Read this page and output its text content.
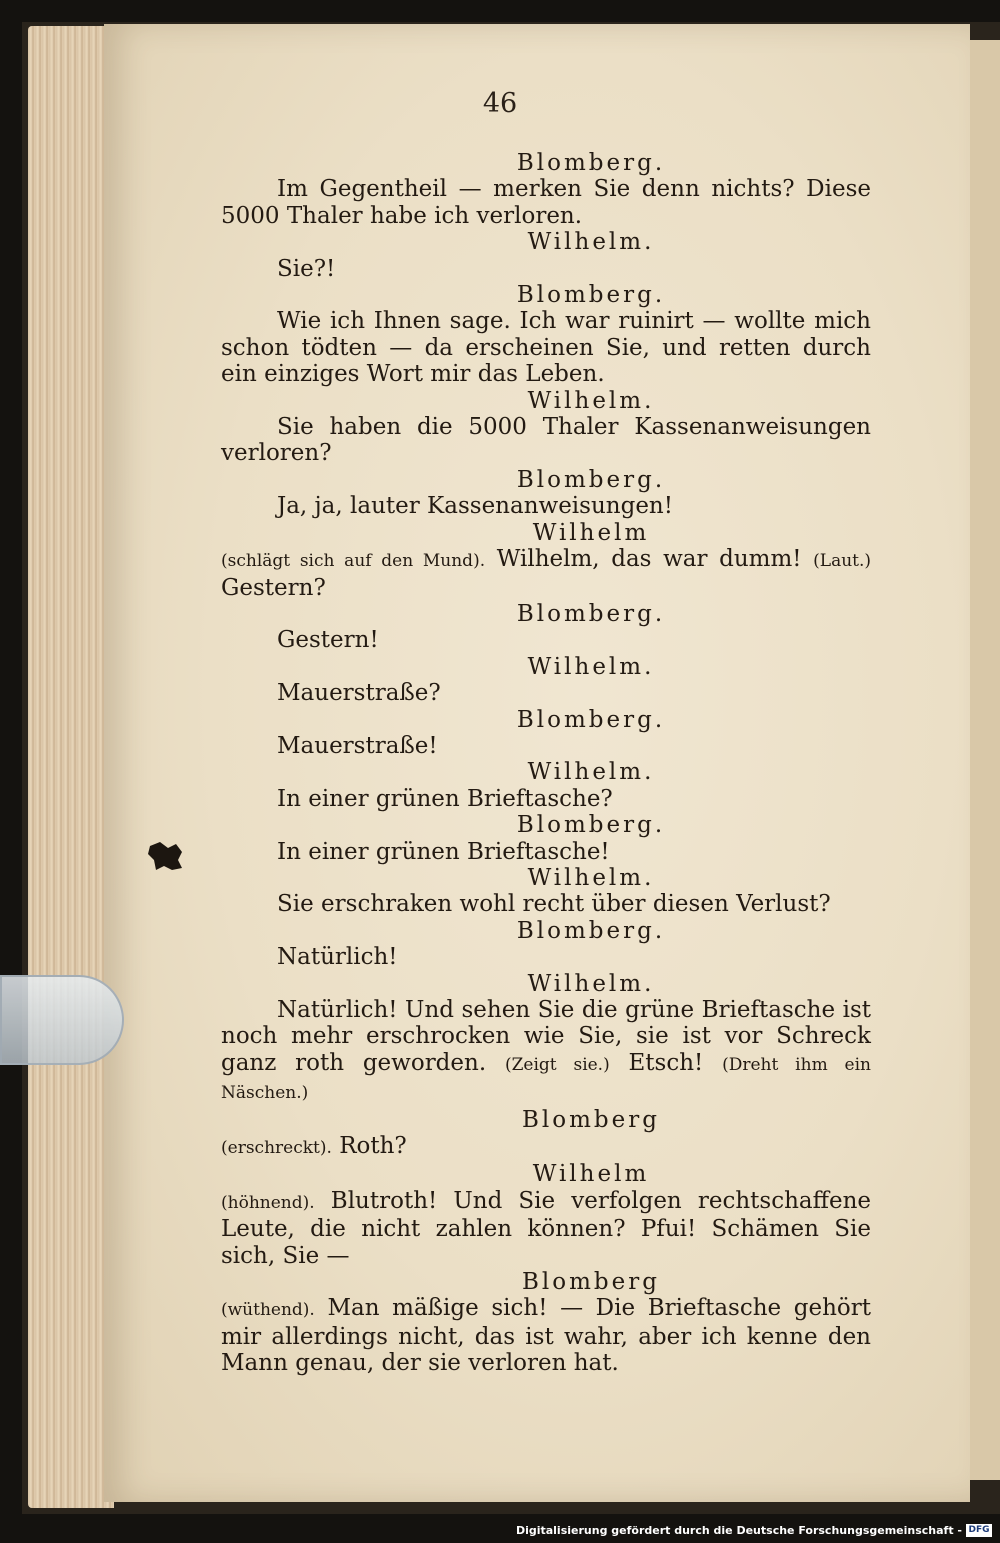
46
Blomberg.
Im Gegentheil — merken Sie denn nichts? Diese 5000 Thaler habe ich verloren.
Wilhelm.
Sie?!
Blomberg.
Wie ich Ihnen sage. Ich war ruinirt — wollte mich schon tödten — da erscheinen Sie, und retten durch ein einziges Wort mir das Leben.
Wilhelm.
Sie haben die 5000 Thaler Kassenanweisungen verloren?
Blomberg.
Ja, ja, lauter Kassenanweisungen!
Wilhelm
(schlägt sich auf den Mund). Wilhelm, das war dumm! (Laut.) Gestern?
Blomberg.
Gestern!
Wilhelm.
Mauerstraße?
Blomberg.
Mauerstraße!
Wilhelm.
In einer grünen Brieftasche?
Blomberg.
In einer grünen Brieftasche!
Wilhelm.
Sie erschraken wohl recht über diesen Verlust?
Blomberg.
Natürlich!
Wilhelm.
Natürlich! Und sehen Sie die grüne Brieftasche ist noch mehr erschrocken wie Sie, sie ist vor Schreck ganz roth geworden. (Zeigt sie.) Etsch! (Dreht ihm ein Näschen.)
Blomberg
(erschreckt). Roth?
Wilhelm
(höhnend). Blutroth! Und Sie verfolgen rechtschaffene Leute, die nicht zahlen können? Pfui! Schämen Sie sich, Sie —
Blomberg
(wüthend). Man mäßige sich! — Die Brieftasche gehört mir allerdings nicht, das ist wahr, aber ich kenne den Mann genau, der sie verloren hat.
Digitalisierung gefördert durch die Deutsche Forschungsgemeinschaft - DFG
